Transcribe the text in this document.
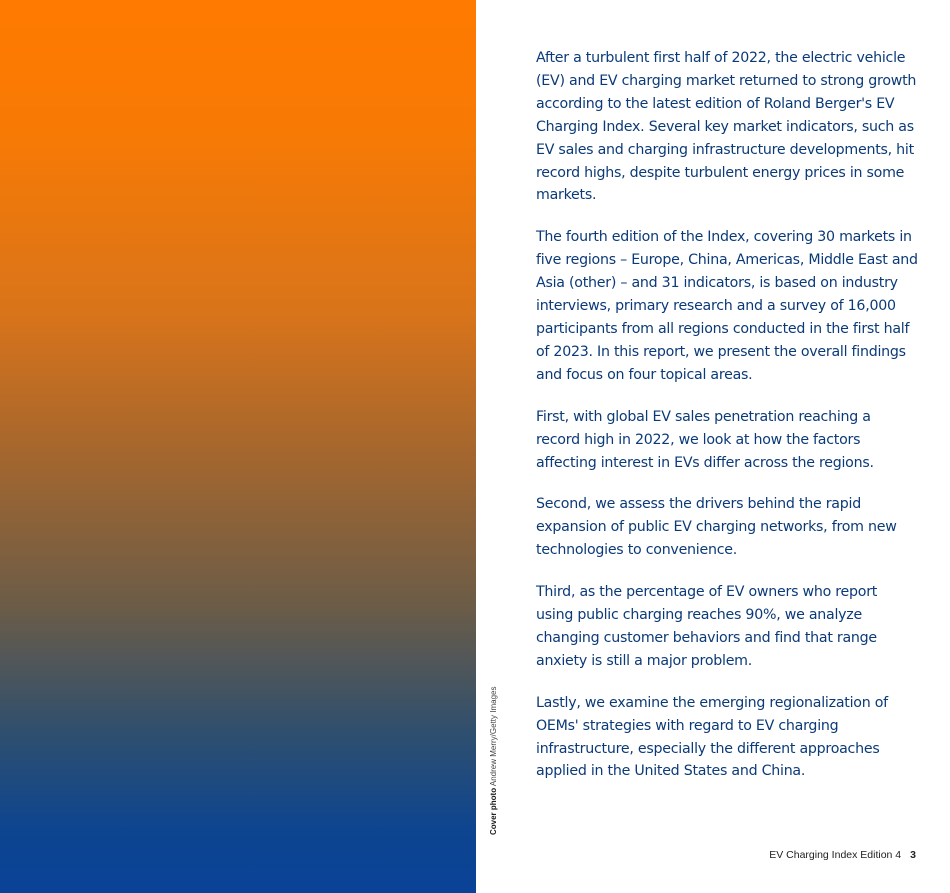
Cover photo Andrew Merry/Getty Images

After a turbulent first half of 2022, the electric vehicle (EV) and EV charging market returned to strong growth according to the latest edition of Roland Berger's EV Charging Index. Several key market indicators, such as EV sales and charging infrastructure developments, hit record highs, despite turbulent energy prices in some markets.

The fourth edition of the Index, covering 30 markets in five regions – Europe, China, Americas, Middle East and Asia (other) – and 31 indicators, is based on industry interviews, primary research and a survey of 16,000 participants from all regions conducted in the first half of 2023. In this report, we present the overall findings and focus on four topical areas.

First, with global EV sales penetration reaching a record high in 2022, we look at how the factors affecting interest in EVs differ across the regions.

Second, we assess the drivers behind the rapid expansion of public EV charging networks, from new technologies to convenience.

Third, as the percentage of EV owners who report using public charging reaches 90%, we analyze changing customer behaviors and find that range anxiety is still a major problem.

Lastly, we examine the emerging regionalization of OEMs' strategies with regard to EV charging infrastructure, especially the different approaches applied in the United States and China.

EV Charging Index Edition 4 3
